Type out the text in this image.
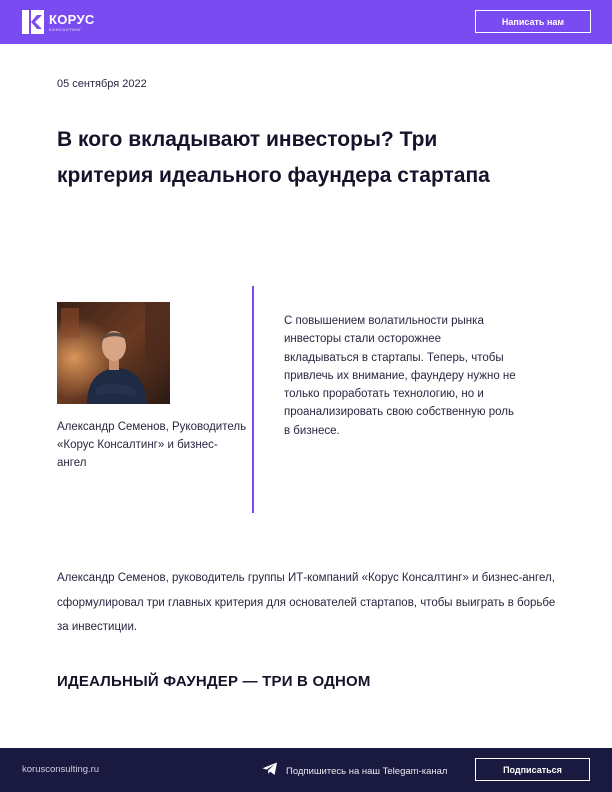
КОРУС
КОНСАЛТИНГ
Написать нам
05 сентября 2022
В кого вкладывают инвесторы? Три критерия идеального фаундера стартапа
Александр Семенов, Руководитель «Корус Консалтинг» и бизнес-ангел

С повышением волатильности рынка инвесторы стали осторожнее вкладываться в стартапы. Теперь, чтобы привлечь их внимание, фаундеру нужно не только проработать технологию, но и проанализировать свою собственную роль в бизнесе.

Александр Семенов, руководитель группы ИТ-компаний «Корус Консалтинг» и бизнес-ангел, сформулировал три главных критерия для основателей стартапов, чтобы выиграть в борьбе за инвестиции.

ИДЕАЛЬНЫЙ ФАУНДЕР — ТРИ В ОДНОМ
korusconsulting.ru	Подпишитесь на наш Telegam-канал	Подписаться
